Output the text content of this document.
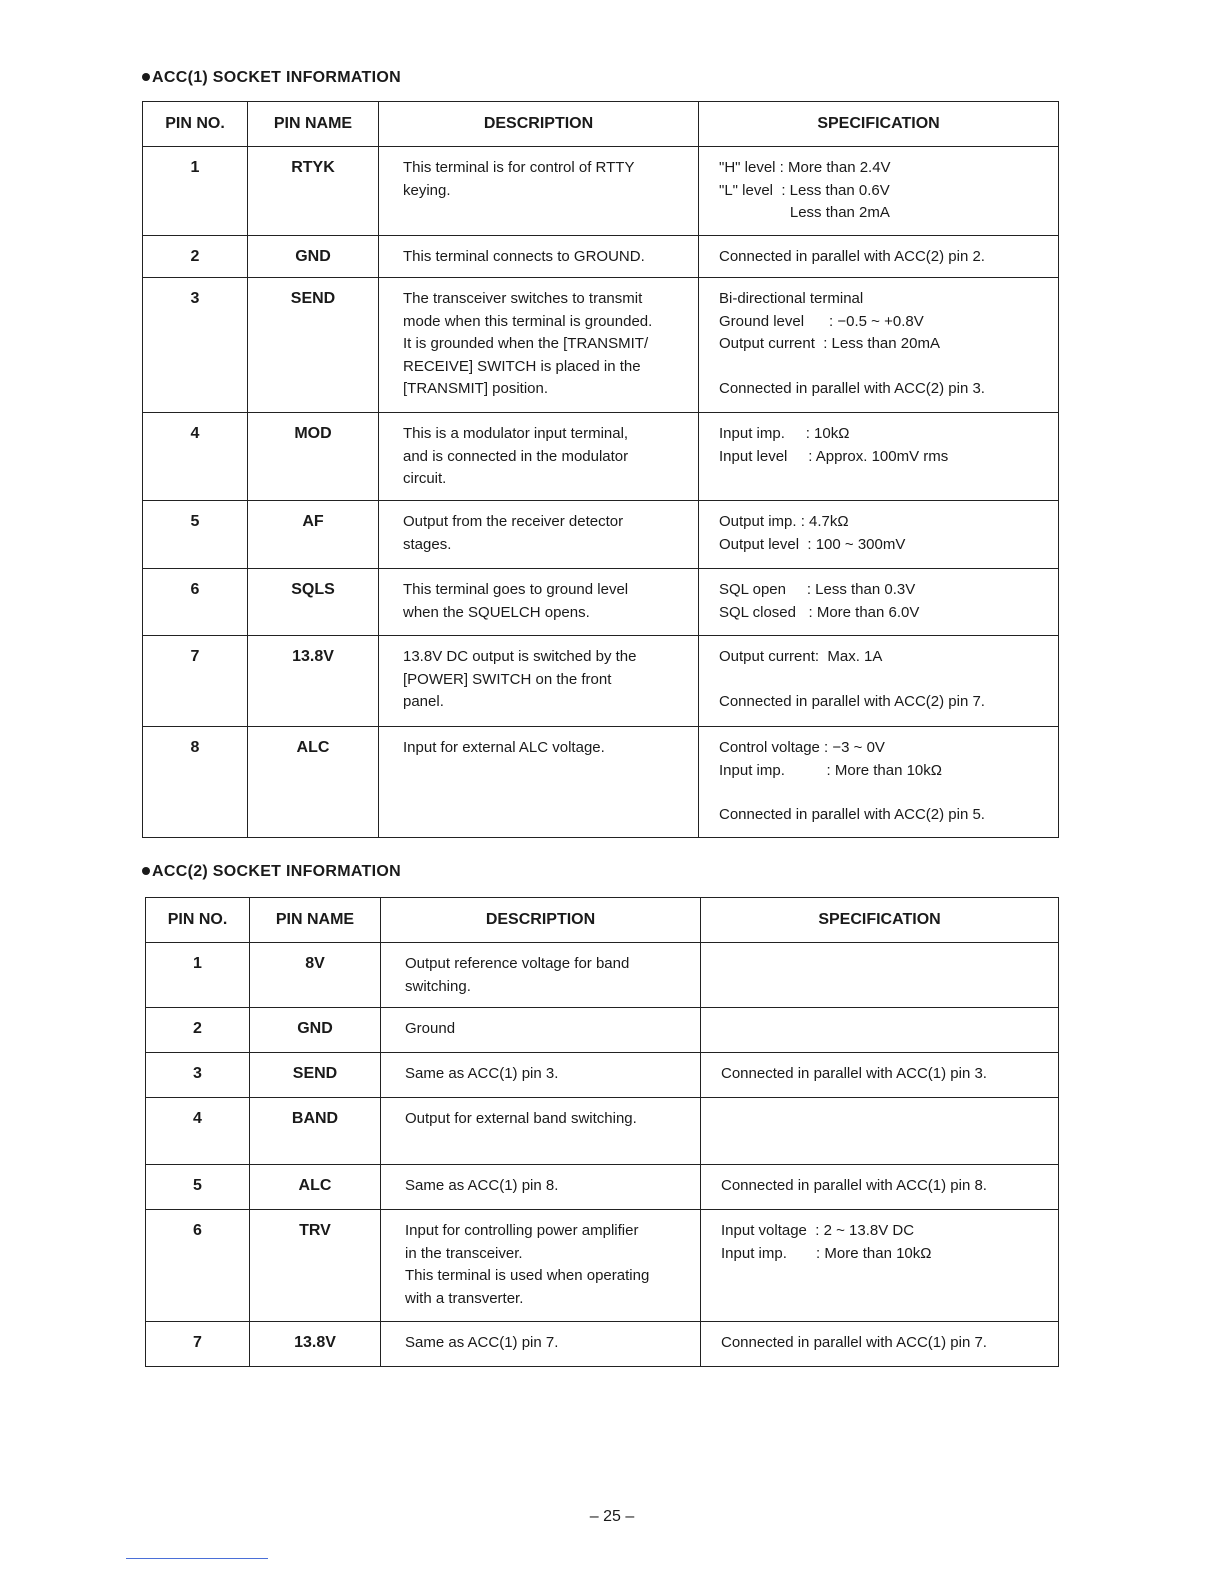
ACC(1) SOCKET INFORMATION
PIN NO.	PIN NAME	DESCRIPTION	SPECIFICATION
1	RTYK	This terminal is for control of RTTY
keying.	"H" level : More than 2.4V
"L" level  : Less than 0.6V
Less than 2mA

2	GND	This terminal connects to GROUND.	Connected in parallel with ACC(2) pin 2.

3	SEND	The transceiver switches to transmit
mode when this terminal is grounded.
It is grounded when the [TRANSMIT/
RECEIVE] SWITCH is placed in the
[TRANSMIT] position.	Bi-directional terminal
Ground level      : −0.5 ~ +0.8V
Output current  : Less than 20mA
Connected in parallel with ACC(2) pin 3.

4	MOD	This is a modulator input terminal,
and is connected in the modulator
circuit.	Input imp.     : 10kΩ
Input level     : Approx. 100mV rms

5	AF	Output from the receiver detector
stages.	Output imp. : 4.7kΩ
Output level  : 100 ~ 300mV

6	SQLS	This terminal goes to ground level
when the SQUELCH opens.	SQL open     : Less than 0.3V
SQL closed   : More than 6.0V

7	13.8V	13.8V DC output is switched by the
[POWER] SWITCH on the front
panel.	Output current:  Max. 1A
Connected in parallel with ACC(2) pin 7.

8	ALC	Input for external ALC voltage.	Control voltage : −3 ~ 0V
Input imp.          : More than 10kΩ
Connected in parallel with ACC(2) pin 5.
ACC(2) SOCKET INFORMATION
PIN NO.	PIN NAME	DESCRIPTION	SPECIFICATION
1	8V	Output reference voltage for band
switching.	

2	GND	Ground	

3	SEND	Same as ACC(1) pin 3.	Connected in parallel with ACC(1) pin 3.

4	BAND	Output for external band switching.	

5	ALC	Same as ACC(1) pin 8.	Connected in parallel with ACC(1) pin 8.

6	TRV	Input for controlling power amplifier
in the transceiver.
This terminal is used when operating
with a transverter.	Input voltage  : 2 ~ 13.8V DC
Input imp.       : More than 10kΩ

7	13.8V	Same as ACC(1) pin 7.	Connected in parallel with ACC(1) pin 7.
– 25 –
